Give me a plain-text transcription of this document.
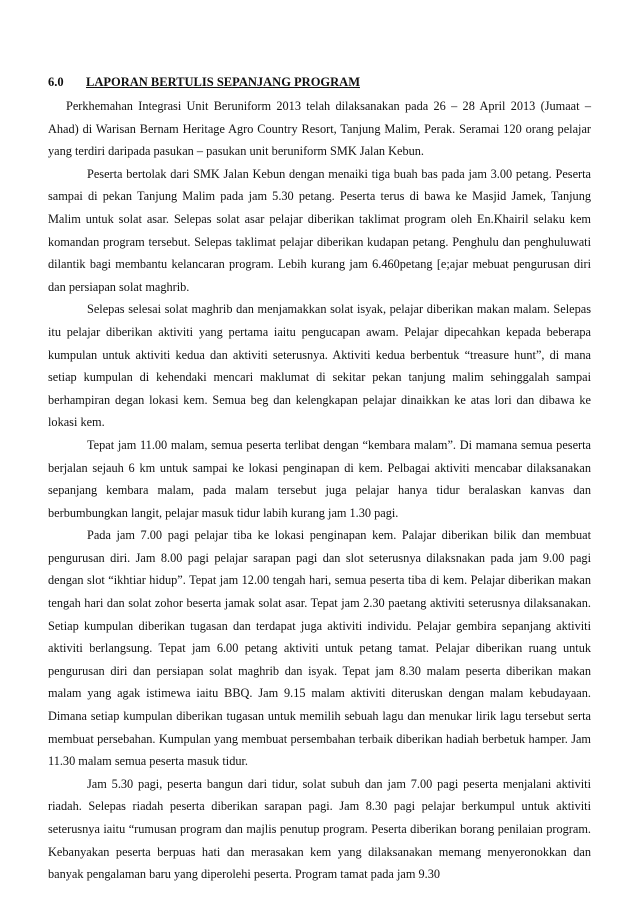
6.0 LAPORAN BERTULIS SEPANJANG PROGRAM

Perkhemahan Integrasi Unit Beruniform 2013 telah dilaksanakan pada 26 – 28 April 2013 (Jumaat – Ahad) di Warisan Bernam Heritage Agro Country Resort, Tanjung Malim, Perak. Seramai 120 orang pelajar yang terdiri daripada pasukan – pasukan unit beruniform SMK Jalan Kebun.

Peserta bertolak dari SMK Jalan Kebun dengan menaiki tiga buah bas pada jam 3.00 petang. Peserta sampai di pekan Tanjung Malim pada jam 5.30 petang. Peserta terus di bawa ke Masjid Jamek, Tanjung Malim untuk solat asar. Selepas solat asar pelajar diberikan taklimat program oleh En.Khairil selaku kem komandan program tersebut. Selepas taklimat pelajar diberikan kudapan petang. Penghulu dan penghuluwati dilantik bagi membantu kelancaran program. Lebih kurang jam 6.460petang [e;ajar mebuat pengurusan diri dan persiapan solat maghrib.

Selepas selesai solat maghrib dan menjamakkan solat isyak, pelajar diberikan makan malam. Selepas itu pelajar diberikan aktiviti yang pertama iaitu pengucapan awam. Pelajar dipecahkan kepada beberapa kumpulan untuk aktiviti kedua dan aktiviti seterusnya. Aktiviti kedua berbentuk “treasure hunt”, di mana setiap kumpulan di kehendaki mencari maklumat di sekitar pekan tanjung malim sehinggalah sampai berhampiran degan lokasi kem. Semua beg dan kelengkapan pelajar dinaikkan ke atas lori dan dibawa ke lokasi kem.

Tepat jam 11.00 malam, semua peserta terlibat dengan “kembara malam”. Di mamana semua peserta berjalan sejauh 6 km untuk sampai ke lokasi penginapan di kem. Pelbagai aktiviti mencabar dilaksanakan sepanjang kembara malam, pada malam tersebut juga pelajar hanya tidur beralaskan kanvas dan berbumbungkan langit, pelajar masuk tidur labih kurang jam 1.30 pagi.

Pada jam 7.00 pagi pelajar tiba ke lokasi penginapan kem. Palajar diberikan bilik dan membuat pengurusan diri. Jam 8.00 pagi pelajar sarapan pagi dan slot seterusnya dilaksnakan pada jam 9.00 pagi dengan slot “ikhtiar hidup”. Tepat jam 12.00 tengah hari, semua peserta tiba di kem. Pelajar diberikan makan tengah hari dan solat zohor beserta jamak solat asar. Tepat jam 2.30 paetang aktiviti seterusnya dilaksanakan. Setiap kumpulan diberikan tugasan dan terdapat juga aktiviti individu. Pelajar gembira sepanjang aktiviti aktiviti berlangsung. Tepat jam 6.00 petang aktiviti untuk petang tamat. Pelajar diberikan ruang untuk pengurusan diri dan persiapan solat maghrib dan isyak. Tepat jam 8.30 malam peserta diberikan makan malam yang agak istimewa iaitu BBQ. Jam 9.15 malam aktiviti diteruskan dengan malam kebudayaan. Dimana setiap kumpulan diberikan tugasan untuk memilih sebuah lagu dan menukar lirik lagu tersebut serta membuat persebahan. Kumpulan yang membuat persembahan terbaik diberikan hadiah berbetuk hamper. Jam 11.30 malam semua peserta masuk tidur.

Jam 5.30 pagi, peserta bangun dari tidur, solat subuh dan jam 7.00 pagi peserta menjalani aktiviti riadah. Selepas riadah peserta diberikan sarapan pagi. Jam 8.30 pagi pelajar berkumpul untuk aktiviti seterusnya iaitu “rumusan program dan majlis penutup program. Peserta diberikan borang penilaian program. Kebanyakan peserta berpuas hati dan merasakan kem yang dilaksanakan memang menyeronokkan dan banyak pengalaman baru yang diperolehi peserta. Program tamat pada jam 9.30
